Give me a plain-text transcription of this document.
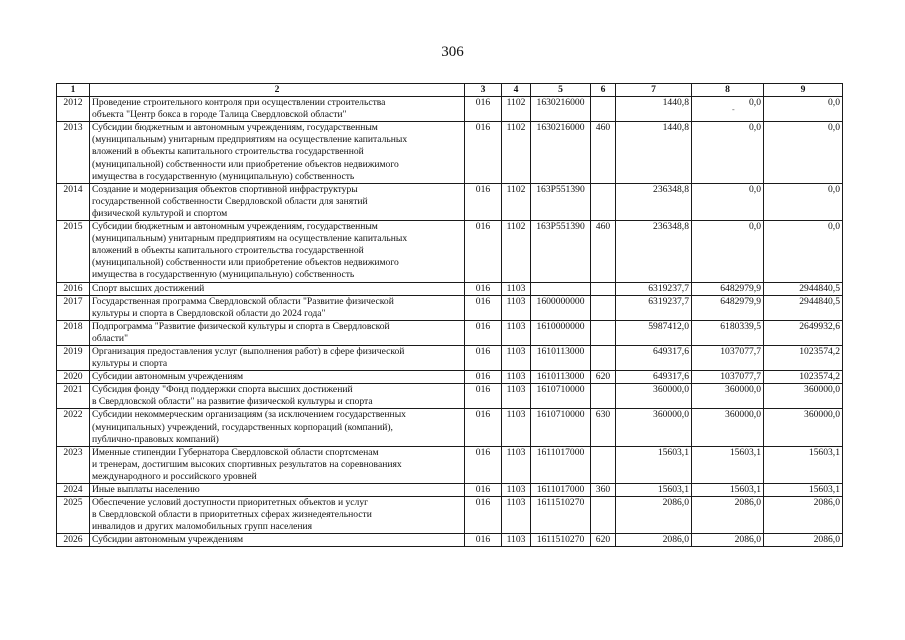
306
-
1	2	3	4	5	6	7	8	9
2012	Проведение строительного контроля при осуществлении строительства
объекта "Центр бокса в городе Талица Свердловской области"	016	1102	1630216000		1440,8	0,0	0,0
2013	Субсидии бюджетным и автономным учреждениям, государственным
(муниципальным) унитарным предприятиям на осуществление капитальных
вложений в объекты капитального строительства государственной
(муниципальной) собственности или приобретение объектов недвижимого
имущества в государственную (муниципальную) собственность	016	1102	1630216000	460	1440,8	0,0	0,0
2014	Создание и модернизация объектов спортивной инфраструктуры
государственной собственности Свердловской области для занятий
физической культурой и спортом	016	1102	163P551390		236348,8	0,0	0,0
2015	Субсидии бюджетным и автономным учреждениям, государственным
(муниципальным) унитарным предприятиям на осуществление капитальных
вложений в объекты капитального строительства государственной
(муниципальной) собственности или приобретение объектов недвижимого
имущества в государственную (муниципальную) собственность	016	1102	163P551390	460	236348,8	0,0	0,0
2016	Спорт высших достижений	016	1103			6319237,7	6482979,9	2944840,5
2017	Государственная программа Свердловской области "Развитие физической
культуры и спорта в Свердловской области до 2024 года"	016	1103	1600000000		6319237,7	6482979,9	2944840,5
2018	Подпрограмма "Развитие физической культуры и спорта в Свердловской
области"	016	1103	1610000000		5987412,0	6180339,5	2649932,6
2019	Организация предоставления услуг (выполнения работ) в сфере физической
культуры и спорта	016	1103	1610113000		649317,6	1037077,7	1023574,2
2020	Субсидии автономным учреждениям	016	1103	1610113000	620	649317,6	1037077,7	1023574,2
2021	Субсидия фонду "Фонд поддержки спорта высших достижений
в Свердловской области" на развитие физической культуры и спорта	016	1103	1610710000		360000,0	360000,0	360000,0
2022	Субсидии некоммерческим организациям (за исключением государственных
(муниципальных) учреждений, государственных корпораций (компаний),
публично-правовых компаний)	016	1103	1610710000	630	360000,0	360000,0	360000,0
2023	Именные стипендии Губернатора Свердловской области спортсменам
и тренерам, достигшим высоких спортивных результатов на соревнованиях
международного и российского уровней	016	1103	1611017000		15603,1	15603,1	15603,1
2024	Иные выплаты населению	016	1103	1611017000	360	15603,1	15603,1	15603,1
2025	Обеспечение условий доступности приоритетных объектов и услуг
в Свердловской области в приоритетных сферах жизнедеятельности
инвалидов и других маломобильных групп населения	016	1103	1611510270		2086,0	2086,0	2086,0
2026	Субсидии автономным учреждениям	016	1103	1611510270	620	2086,0	2086,0	2086,0
